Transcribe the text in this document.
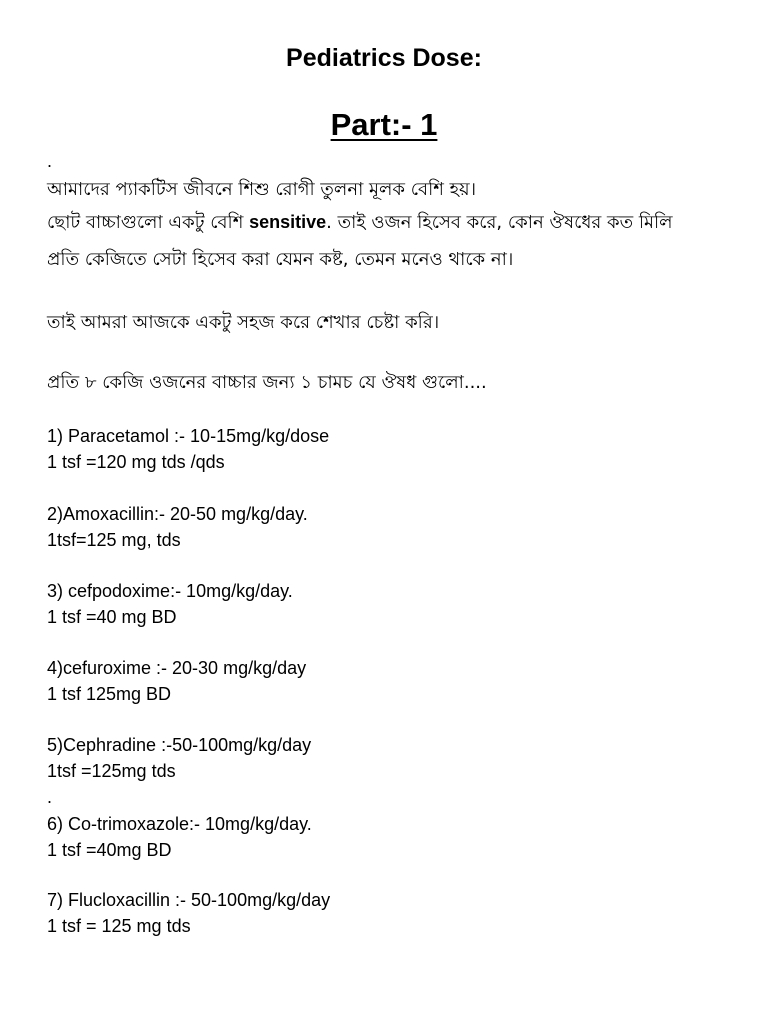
Pediatrics Dose:
Part:- 1
.
আমাদের প্যাকটিস জীবনে শিশু রোগী তুলনা মূলক বেশি হয়।
ছোট বাচ্চাগুলো একটু বেশি sensitive. তাই ওজন হিসেব করে, কোন ঔষধের কত মিলি
প্রতি কেজিতে সেটা হিসেব করা যেমন কষ্ট, তেমন মনেও থাকে না।
তাই আমরা আজকে একটু সহজ করে শেখার চেষ্টা করি।
প্রতি ৮ কেজি ওজনের বাচ্চার জন্য ১ চামচ যে ঔষধ গুলো....
1) Paracetamol :- 10-15mg/kg/dose
1 tsf =120 mg tds /qds
2)Amoxacillin:- 20-50 mg/kg/day.
1tsf=125 mg, tds
3) cefpodoxime:- 10mg/kg/day.
1 tsf =40 mg BD
4)cefuroxime :- 20-30 mg/kg/day
1 tsf 125mg BD
5)Cephradine :-50-100mg/kg/day
1tsf =125mg tds
.
6) Co-trimoxazole:- 10mg/kg/day.
1 tsf =40mg BD
7) Flucloxacillin :- 50-100mg/kg/day
1 tsf = 125 mg tds
